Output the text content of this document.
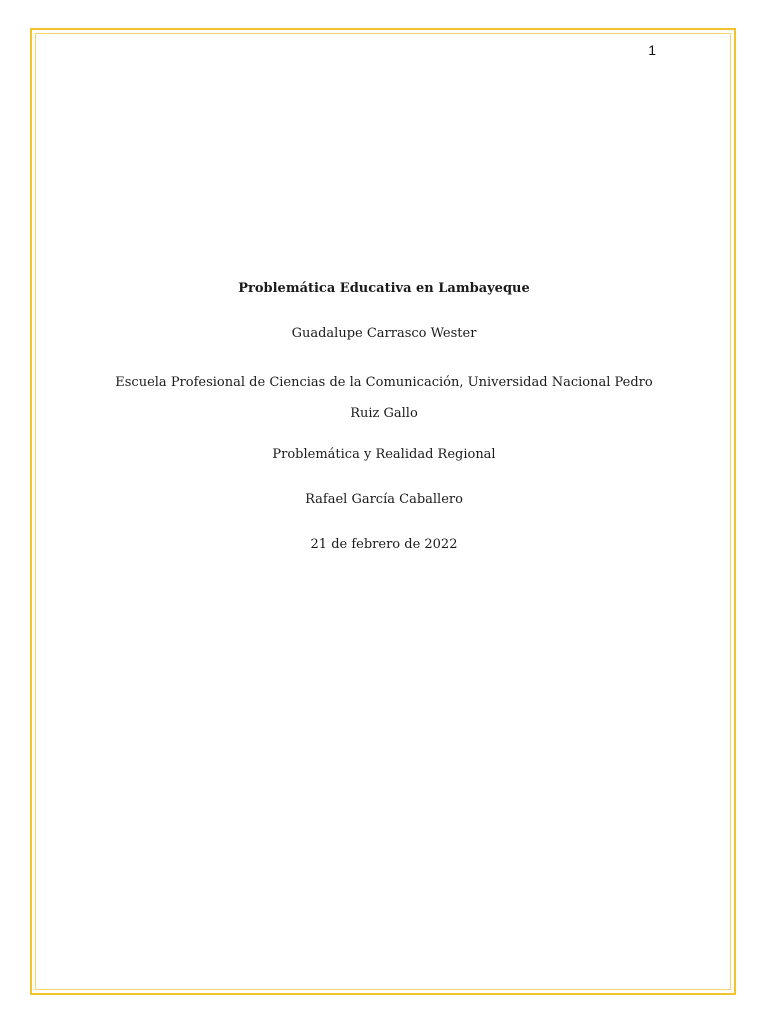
1

Problemática Educativa en Lambayeque

Guadalupe Carrasco Wester

Escuela Profesional de Ciencias de la Comunicación, Universidad Nacional Pedro Ruiz Gallo

Problemática y Realidad Regional

Rafael García Caballero

21 de febrero de 2022
